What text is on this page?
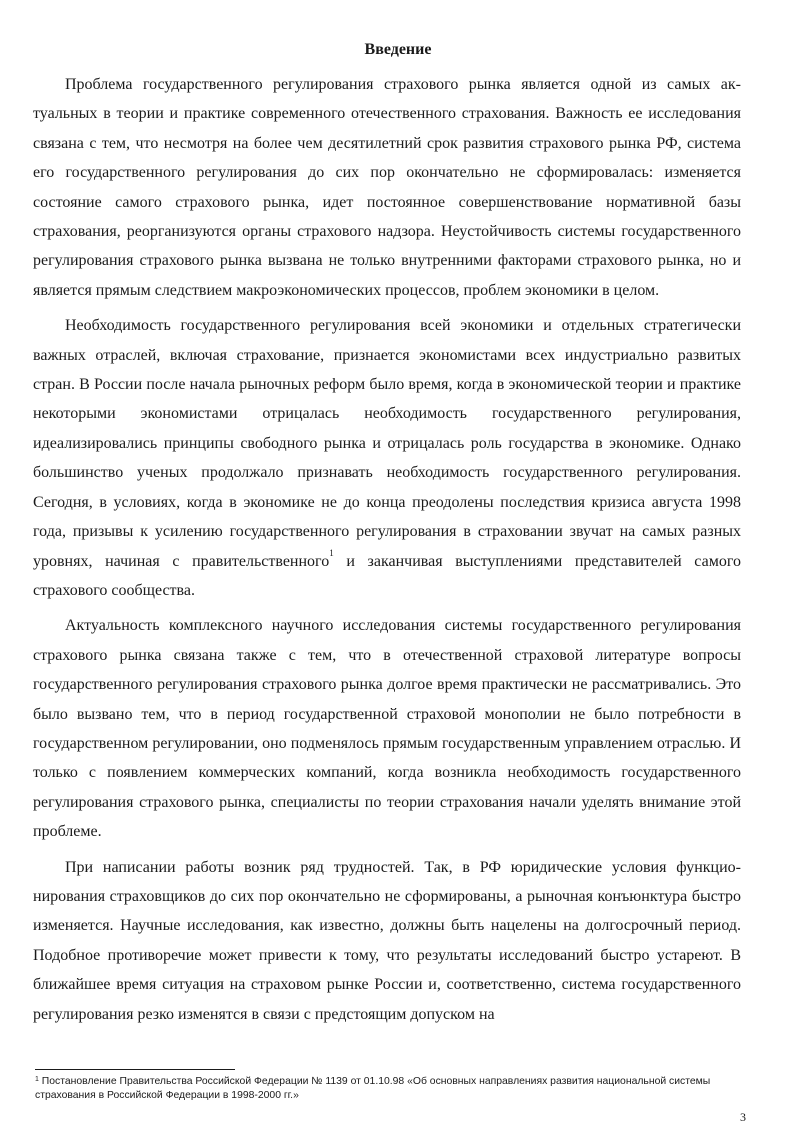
Введение

Проблема государственного регулирования страхового рынка является одной из самых актуальных в теории и практике современного отечественного страхования. Важность ее исследования связана с тем, что несмотря на более чем десятилетний срок развития страхового рынка РФ, система его государственного регулирования до сих пор окончательно не сформировалась: изменяется состояние самого страхового рынка, идет постоянное совершенствование нормативной базы страхования, реорганизуются органы страхового надзора. Неустойчивость системы государственного регулирования страхового рынка вызвана не только внутренними факторами страхового рынка, но и является прямым следствием макроэкономических процессов, проблем экономики в целом.

Необходимость государственного регулирования всей экономики и отдельных стратегически важных отраслей, включая страхование, признается экономистами всех индустриально развитых стран. В России после начала рыночных реформ было время, когда в экономической теории и практике некоторыми экономистами отрицалась необходимость государственного регулирования, идеализировались принципы свободного рынка и отрицалась роль государства в экономике. Однако большинство ученых продолжало признавать необходимость государственного регулирования. Сегодня, в условиях, когда в экономике не до конца преодолены последствия кризиса августа 1998 года, призывы к усилению государственного регулирования в страховании звучат на самых разных уровнях, начиная с правительственного$^1$ и заканчивая выступлениями представителей самого страхового сообщества.

Актуальность комплексного научного исследования системы государственного регулирования страхового рынка связана также с тем, что в отечественной страховой литературе вопросы государственного регулирования страхового рынка долгое время практически не рассматривались. Это было вызвано тем, что в период государственной страховой монополии не было потребности в государственном регулировании, оно подменялось прямым государственным управлением отраслью. И только с появлением коммерческих компаний, когда возникла необходимость государственного регулирования страхового рынка, специалисты по теории страхования начали уделять внимание этой проблеме.

При написании работы возник ряд трудностей. Так, в РФ юридические условия функционирования страховщиков до сих пор окончательно не сформированы, а рыночная конъюнктура быстро изменяется. Научные исследования, как известно, должны быть нацелены на долгосрочный период. Подобное противоречие может привести к тому, что результаты исследований быстро устареют. В ближайшее время ситуация на страховом рынке России и, соответственно, система государственного регулирования резко изменятся в связи с предстоящим допуском на

$^1$ Постановление Правительства Российской Федерации № 1139 от 01.10.98 «Об основных направлениях развития национальной системы страхования в Российской Федерации в 1998-2000 гг.»
3
